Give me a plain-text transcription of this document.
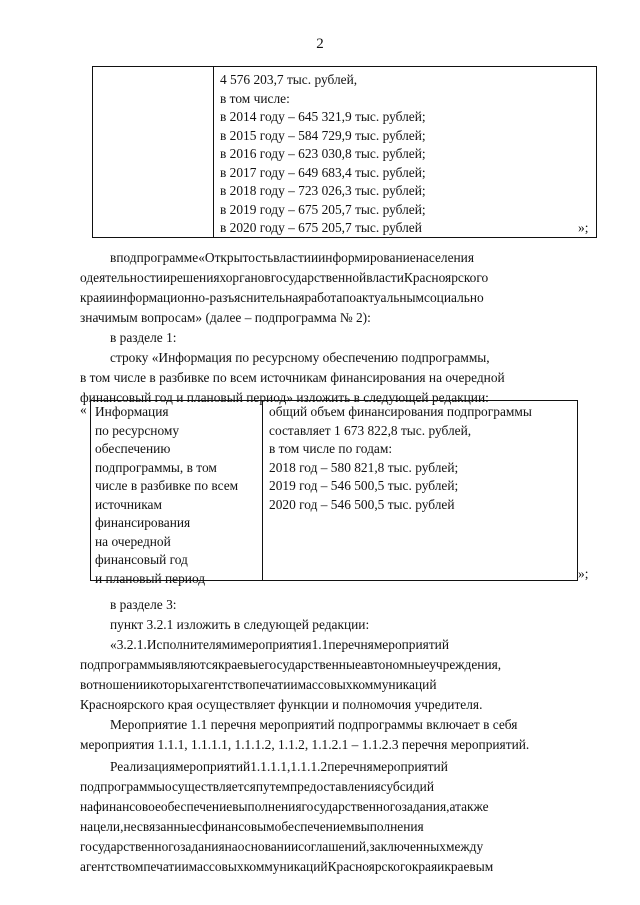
2
4 576 203,7 тыс. рублей,
в том числе:
в 2014 году – 645 321,9 тыс. рублей;
в 2015 году – 584 729,9 тыс. рублей;
в 2016 году – 623 030,8 тыс. рублей;
в 2017 году – 649 683,4 тыс. рублей;
в 2018 году – 723 026,3 тыс. рублей;
в 2019 году – 675 205,7 тыс. рублей;
в 2020 году – 675 205,7 тыс. рублей	»;
вподпрограмме«Открытостьвластииинформированиенаселения
одеятельностиирешенияхоргановгосударственнойвластиКрасноярского
краяиинформационно-разъяснительнаяработапоактуальнымсоциально
значимым вопросам» (далее – подпрограмма № 2):
в разделе 1:
строку «Информация по ресурсному обеспечению подпрограммы,
в том числе в разбивке по всем источникам финансирования на очередной
финансовый год и плановый период» изложить в следующей редакции:
« Информация
по ресурсному
обеспечению
подпрограммы, в том
числе в разбивке по всем
источникам
финансирования
на очередной
финансовый год
и плановый период
общий объем финансирования подпрограммы
составляет 1 673 822,8 тыс. рублей,
в том числе по годам:
2018 год – 580 821,8 тыс. рублей;
2019 год – 546 500,5 тыс. рублей;
2020 год – 546 500,5 тыс. рублей
»;
в разделе 3:
пункт 3.2.1 изложить в следующей редакции:
«3.2.1.Исполнителямимероприятия1.1перечнямероприятий
подпрограммыявляютсякраевыегосударственныеавтономныеучреждения,
вотношениикоторыхагентствопечатиимассовыхкоммуникаций
Красноярского края осуществляет функции и полномочия учредителя.
Мероприятие 1.1 перечня мероприятий подпрограммы включает в себя
мероприятия 1.1.1, 1.1.1.1, 1.1.1.2, 1.1.2, 1.1.2.1 – 1.1.2.3 перечня мероприятий.
Реализациямероприятий1.1.1.1,1.1.1.2перечнямероприятий
подпрограммыосуществляетсяпутемпредоставлениясубсидий
нафинансовоеобеспечениевыполнениягосударственногозадания,атакже
нацели,несвязанныесфинансовымобеспечениемвыполнения
государственногозаданиянаоснованиисоглашений,заключенныхмежду
агентствомпечатиимассовыхкоммуникацийКрасноярскогокраяикраевым
